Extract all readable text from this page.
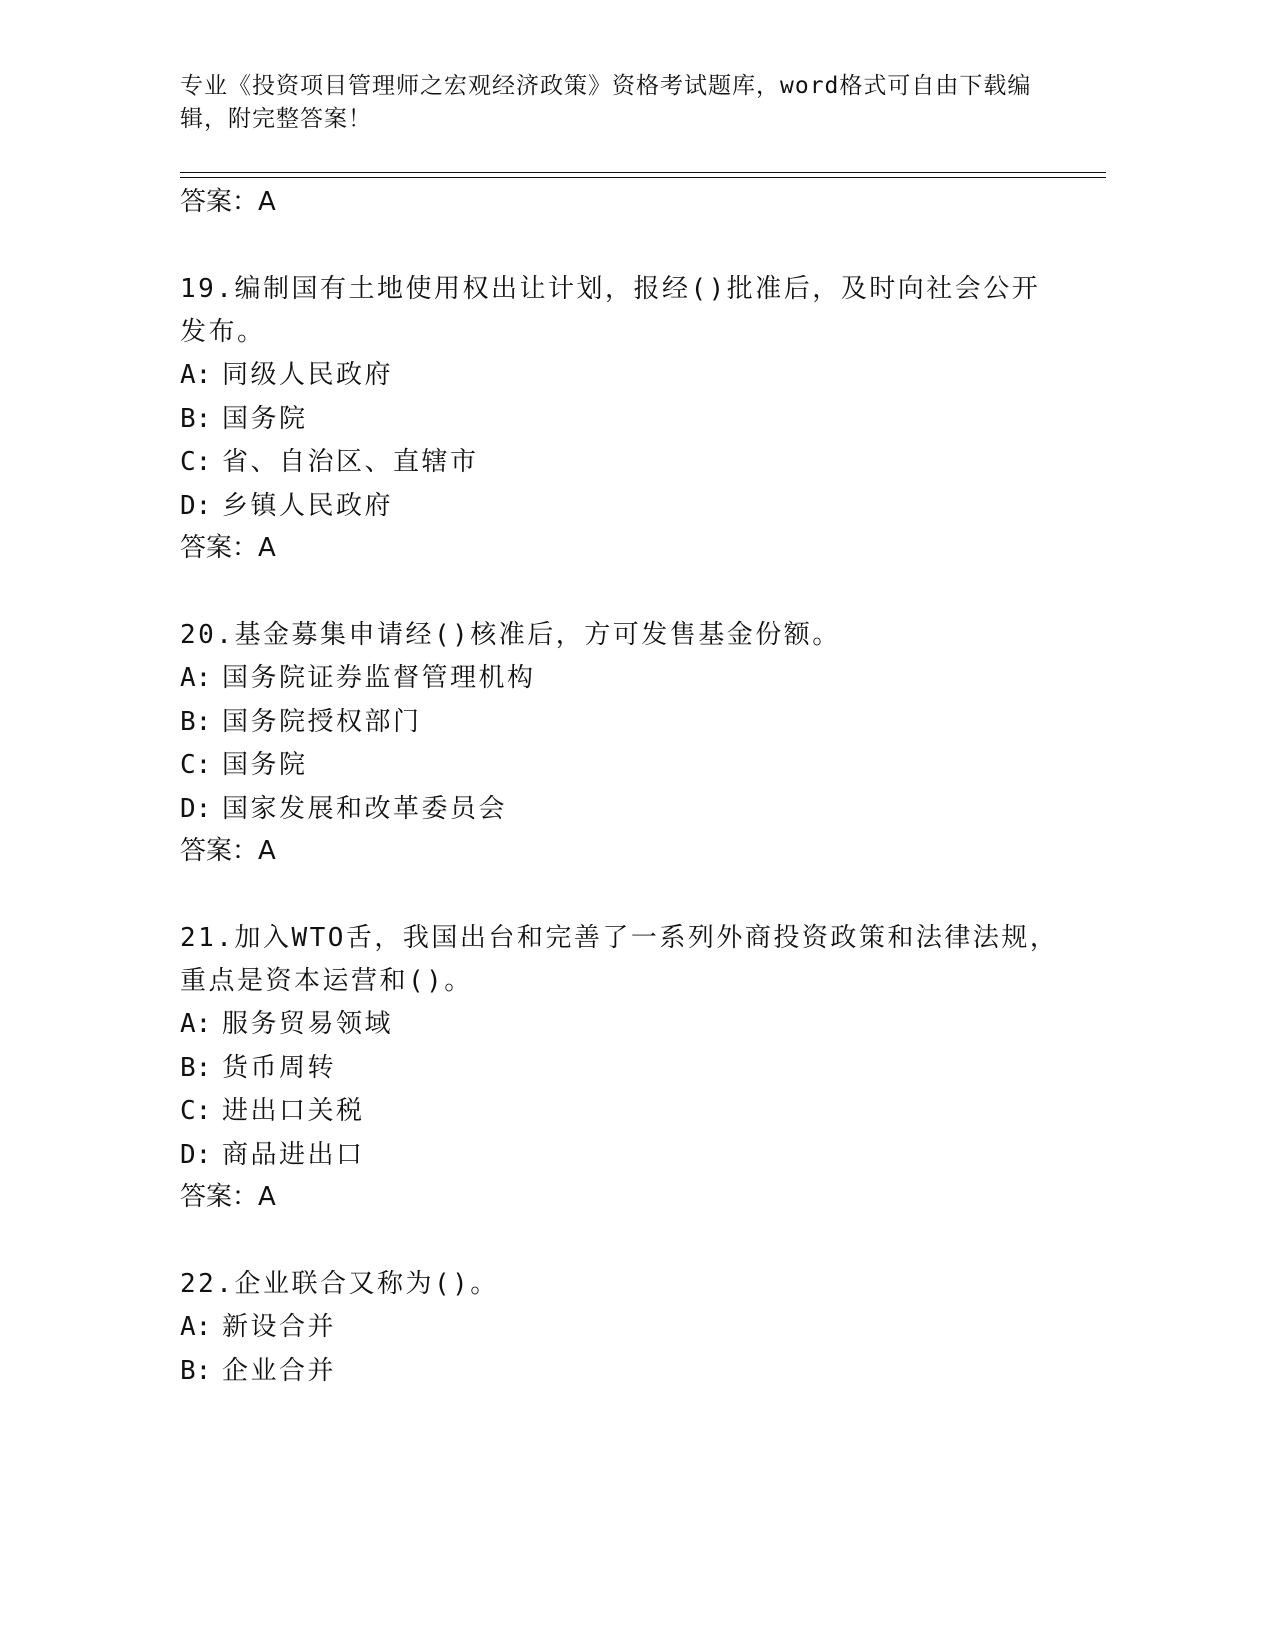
专业《投资项目管理师之宏观经济政策》资格考试题库，word格式可自由下载编辑，附完整答案！

答案：A

19.编制国有土地使用权出让计划，报经()批准后，及时向社会公开发布。

A: 同级人民政府

B: 国务院

C: 省、自治区、直辖市

D: 乡镇人民政府

答案：A

20.基金募集申请经()核准后，方可发售基金份额。

A: 国务院证券监督管理机构

B: 国务院授权部门

C: 国务院

D: 国家发展和改革委员会

答案：A

21.加入WTO舌，我国出台和完善了一系列外商投资政策和法律法规，重点是资本运营和()。

A: 服务贸易领域

B: 货币周转

C: 进出口关税

D: 商品进出口

答案：A

22.企业联合又称为()。

A: 新设合并

B: 企业合并
